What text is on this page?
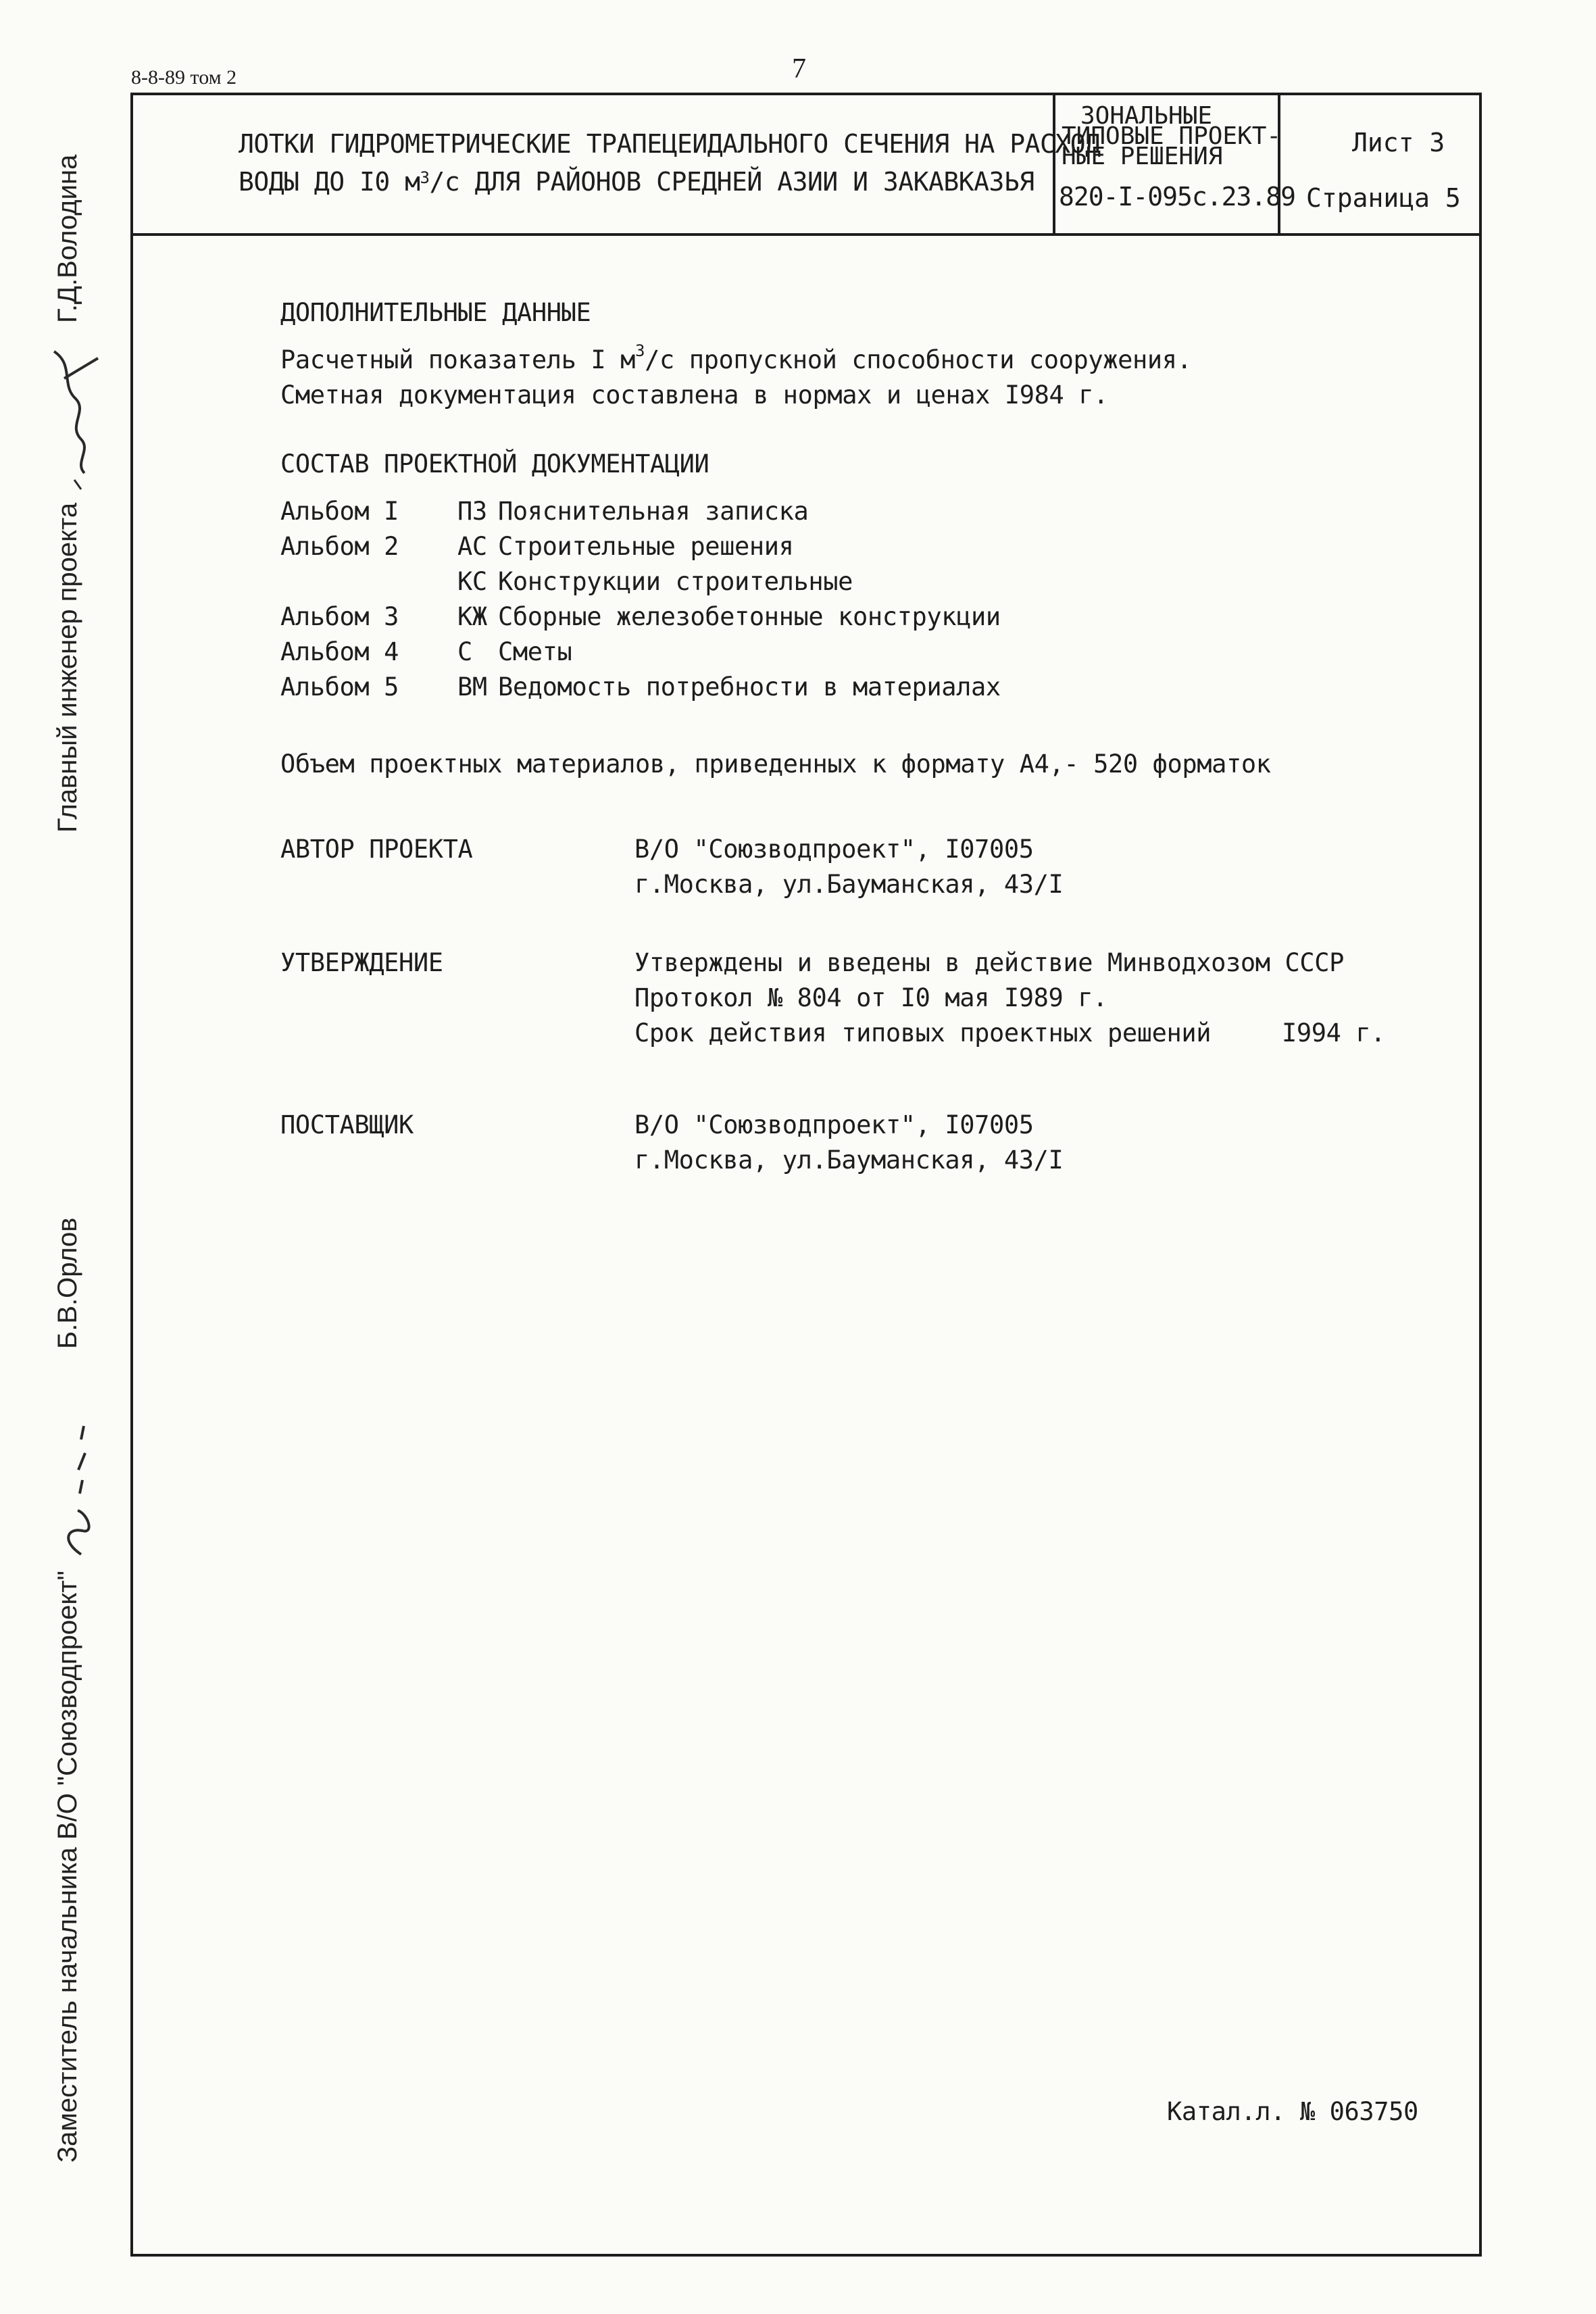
8-8-89 том 2	7
Главный инженер проекта
Г.Д.Володина
Б.В.Орлов
Заместитель начальника В/О "Союзводпроект"
ЛОТКИ ГИДРОМЕТРИЧЕСКИЕ ТРАПЕЦЕИДАЛЬНОГО СЕЧЕНИЯ НА РАСХОД
ВОДЫ ДО I0 $м^3/с$ ДЛЯ РАЙОНОВ СРЕДНЕЙ АЗИИ И ЗАКАВКАЗЬЯ
ЗОНАЛЬНЫЕ
ТИПОВЫЕ ПРОЕКТ-
НЫЕ РЕШЕНИЯ
820-I-095с.23.89
Лист 3
Страница 5
ДОПОЛНИТЕЛЬНЫЕ ДАННЫЕ
Расчетный показатель I $м^3/с$ пропускной способности сооружения.
Сметная документация составлена в нормах и ценах I984 г.
СОСТАВ ПРОЕКТНОЙ ДОКУМЕНТАЦИИ
Альбом I ПЗ Пояснительная записка
Альбом 2 АС Строительные решения
КС Конструкции строительные
Альбом 3 КЖ Сборные железобетонные конструкции
Альбом 4 С Сметы
Альбом 5 ВМ Ведомость потребности в материалах
Объем проектных материалов, приведенных к формату А4,- 520 форматок
АВТОР ПРОЕКТА	В/О "Союзводпроект", I07005
г.Москва, ул.Бауманская, 43/I
УТВЕРЖДЕНИЕ	Утверждены и введены в действие Минводхозом СССР
Протокол № 804 от I0 мая I989 г.
Срок действия типовых проектных решений	I994 г.
ПОСТАВЩИК	В/О "Союзводпроект", I07005
г.Москва, ул.Бауманская, 43/I
Катал.л. № 063750
